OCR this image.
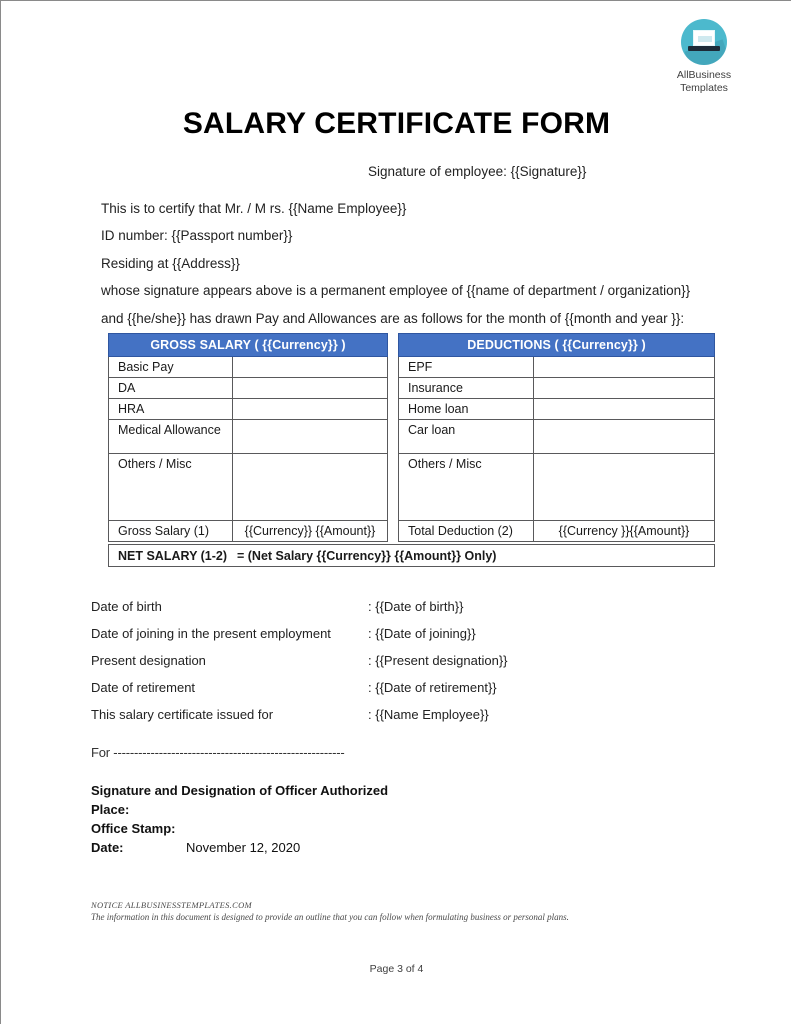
AllBusiness
Templates
SALARY CERTIFICATE FORM
Signature of employee: {{Signature}}
This is to certify that Mr. / M rs. {{Name Employee}}
ID number: {{Passport number}}
Residing at {{Address}}
whose signature appears above is a permanent employee of {{name of department / organization}}
and {{he/she}} has drawn Pay and Allowances are as follows for the month of {{month and year }}:
GROSS SALARY ( {{Currency}} )	
Basic Pay	
DA	
HRA	
Medical Allowance	
Others / Misc	
Gross Salary (1)	{{Currency}} {{Amount}}
DEDUCTIONS ( {{Currency}} )	
EPF	
Insurance	
Home loan	
Car loan	
Others / Misc	
Total Deduction (2)	{{Currency }}{{Amount}}
NET SALARY (1-2) = (Net Salary {{Currency}} {{Amount}} Only)
Date of birth	: {{Date of birth}}
Date of joining in the present employment	: {{Date of joining}}
Present designation	: {{Present designation}}
Date of retirement	: {{Date of retirement}}
This salary certificate issued for	: {{Name Employee}}
For --------------------------------------------------------
Signature and Designation of Officer Authorized
Place:
Office Stamp:
Date:	November 12, 2020
NOTICE ALLBUSINESSTEMPLATES.COM
The information in this document is designed to provide an outline that you can follow when formulating business or personal plans.
Page 3 of 4
